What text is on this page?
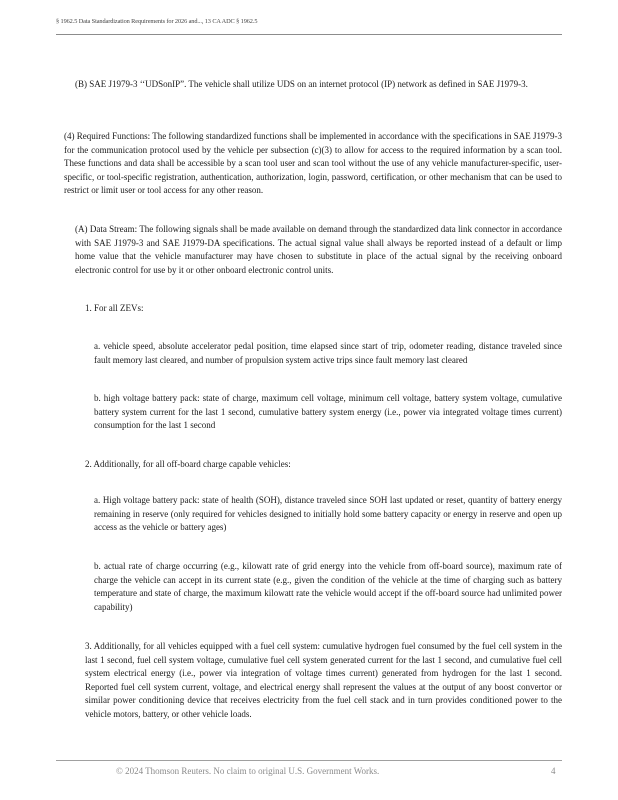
§ 1962.5 Data Standardization Requirements for 2026 and..., 13 CA ADC § 1962.5
(B) SAE J1979-3 ‘‘UDSonIP”. The vehicle shall utilize UDS on an internet protocol (IP) network as defined in SAE J1979-3.
(4) Required Functions: The following standardized functions shall be implemented in accordance with the specifications in SAE J1979-3 for the communication protocol used by the vehicle per subsection (c)(3) to allow for access to the required information by a scan tool. These functions and data shall be accessible by a scan tool user and scan tool without the use of any vehicle manufacturer-specific, user-specific, or tool-specific registration, authentication, authorization, login, password, certification, or other mechanism that can be used to restrict or limit user or tool access for any other reason.
(A) Data Stream: The following signals shall be made available on demand through the standardized data link connector in accordance with SAE J1979-3 and SAE J1979-DA specifications. The actual signal value shall always be reported instead of a default or limp home value that the vehicle manufacturer may have chosen to substitute in place of the actual signal by the receiving onboard electronic control for use by it or other onboard electronic control units.
1. For all ZEVs:
a. vehicle speed, absolute accelerator pedal position, time elapsed since start of trip, odometer reading, distance traveled since fault memory last cleared, and number of propulsion system active trips since fault memory last cleared
b. high voltage battery pack: state of charge, maximum cell voltage, minimum cell voltage, battery system voltage, cumulative battery system current for the last 1 second, cumulative battery system energy (i.e., power via integrated voltage times current) consumption for the last 1 second
2. Additionally, for all off-board charge capable vehicles:
a. High voltage battery pack: state of health (SOH), distance traveled since SOH last updated or reset, quantity of battery energy remaining in reserve (only required for vehicles designed to initially hold some battery capacity or energy in reserve and open up access as the vehicle or battery ages)
b. actual rate of charge occurring (e.g., kilowatt rate of grid energy into the vehicle from off-board source), maximum rate of charge the vehicle can accept in its current state (e.g., given the condition of the vehicle at the time of charging such as battery temperature and state of charge, the maximum kilowatt rate the vehicle would accept if the off-board source had unlimited power capability)
3. Additionally, for all vehicles equipped with a fuel cell system: cumulative hydrogen fuel consumed by the fuel cell system in the last 1 second, fuel cell system voltage, cumulative fuel cell system generated current for the last 1 second, and cumulative fuel cell system electrical energy (i.e., power via integration of voltage times current) generated from hydrogen for the last 1 second. Reported fuel cell system current, voltage, and electrical energy shall represent the values at the output of any boost convertor or similar power conditioning device that receives electricity from the fuel cell stack and in turn provides conditioned power to the vehicle motors, battery, or other vehicle loads.
© 2024 Thomson Reuters. No claim to original U.S. Government Works.	4
